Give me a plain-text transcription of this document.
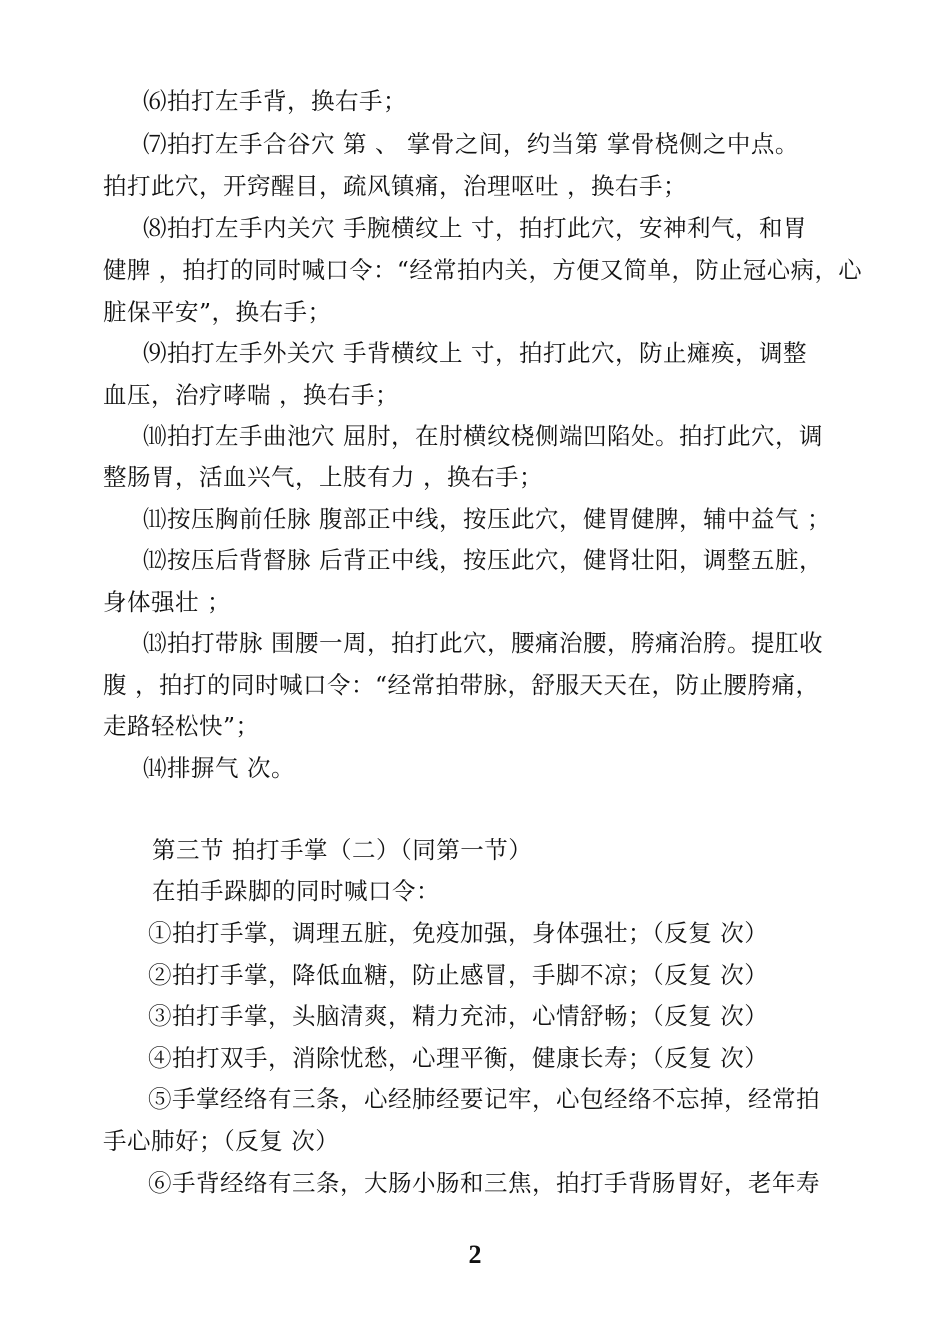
⑹拍打左手背，换右手；
⑺拍打左手合谷穴 第 、 掌骨之间，约当第 掌骨桡侧之中点。
拍打此穴，开窍醒目，疏风镇痛，治理呕吐 ，换右手；
⑻拍打左手内关穴 手腕横纹上 寸，拍打此穴，安神利气，和胃
健脾 ，拍打的同时喊口令：“经常拍内关，方便又简单，防止冠心病，心
脏保平安”，换右手；
⑼拍打左手外关穴 手背横纹上 寸，拍打此穴，防止瘫痪，调整
血压，治疗哮喘 ，换右手；
⑽拍打左手曲池穴 屈肘，在肘横纹桡侧端凹陷处。拍打此穴，调
整肠胃，活血兴气，上肢有力 ，换右手；
⑾按压胸前任脉 腹部正中线，按压此穴，健胃健脾，辅中益气 ；
⑿按压后背督脉 后背正中线，按压此穴，健肾壮阳，调整五脏，
身体强壮 ；
⒀拍打带脉 围腰一周，拍打此穴，腰痛治腰，胯痛治胯。提肛收
腹 ，拍打的同时喊口令：“经常拍带脉，舒服天天在，防止腰胯痛，
走路轻松快”；
⒁排摒气 次。
第三节 拍打手掌（二）（同第一节）
在拍手跺脚的同时喊口令：
①拍打手掌，调理五脏，免疫加强，身体强壮；（反复 次）
②拍打手掌，降低血糖，防止感冒，手脚不凉；（反复 次）
③拍打手掌，头脑清爽，精力充沛，心情舒畅；（反复 次）
④拍打双手，消除忧愁，心理平衡，健康长寿；（反复 次）
⑤手掌经络有三条，心经肺经要记牢，心包经络不忘掉，经常拍
手心肺好；（反复 次）
⑥手背经络有三条，大肠小肠和三焦，拍打手背肠胃好，老年寿
2
